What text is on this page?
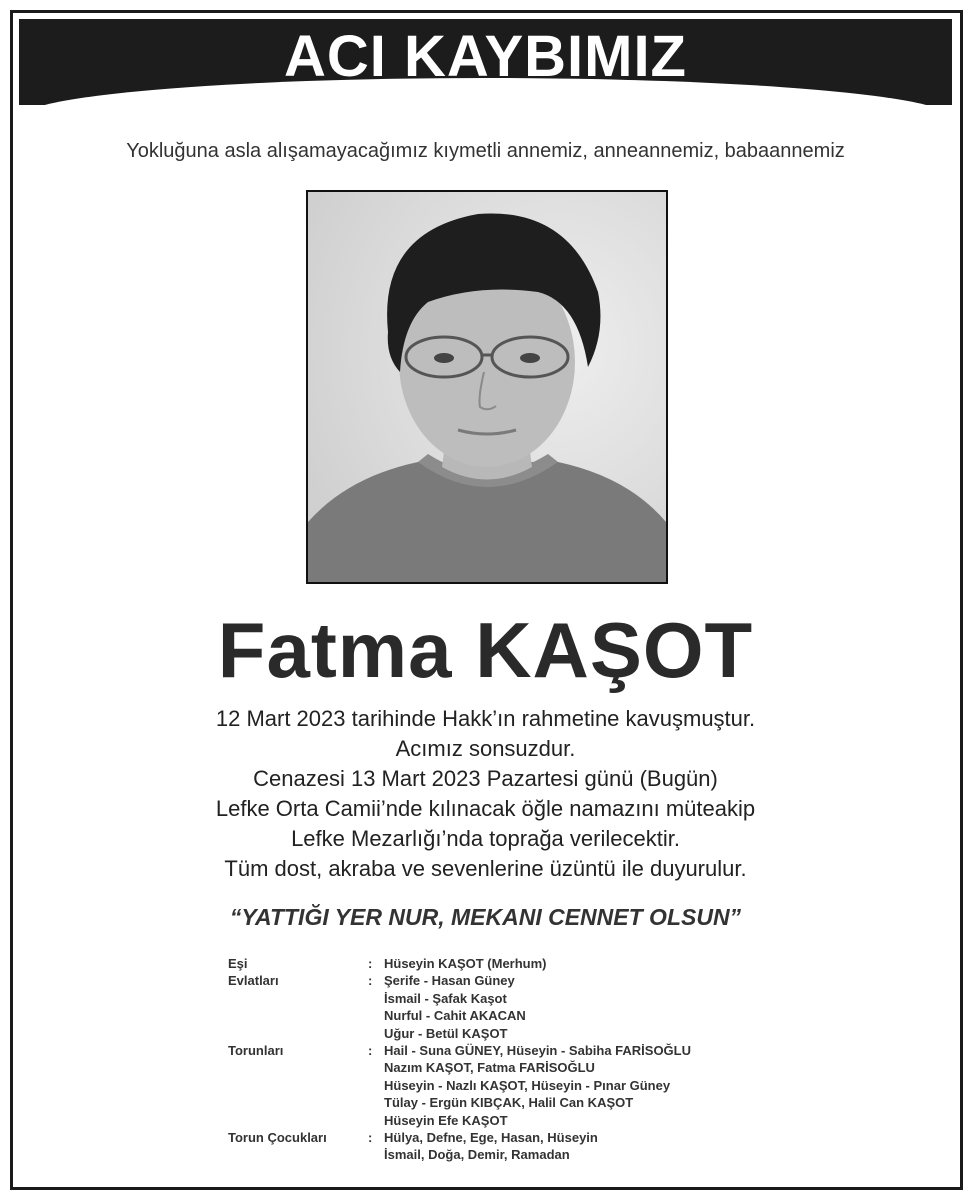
ACI KAYBIMIZ
Yokluğuna asla alışamayacağımız kıymetli annemiz, anneannemiz, babaannemiz
Fatma KAŞOT
12 Mart 2023 tarihinde Hakk’ın rahmetine kavuşmuştur.
Acımız sonsuzdur.
Cenazesi 13 Mart 2023 Pazartesi günü (Bugün)
Lefke Orta Camii’nde kılınacak öğle namazını müteakip
Lefke Mezarlığı’nda toprağa verilecektir.
Tüm dost, akraba ve sevenlerine üzüntü ile duyurulur.
“YATTIĞI YER NUR, MEKANI CENNET OLSUN”
Eşi	: Hüseyin KAŞOT (Merhum)
Evlatları	: Şerife - Hasan Güney
İsmail - Şafak Kaşot
Nurful - Cahit AKACAN
Uğur - Betül KAŞOT
Torunları	: Hail - Suna GÜNEY, Hüseyin - Sabiha FARİSOĞLU
Nazım KAŞOT, Fatma FARİSOĞLU
Hüseyin - Nazlı KAŞOT, Hüseyin - Pınar Güney
Tülay - Ergün KIBÇAK, Halil Can KAŞOT
Hüseyin Efe KAŞOT
Torun Çocukları	: Hülya, Defne, Ege, Hasan, Hüseyin
İsmail, Doğa, Demir, Ramadan
